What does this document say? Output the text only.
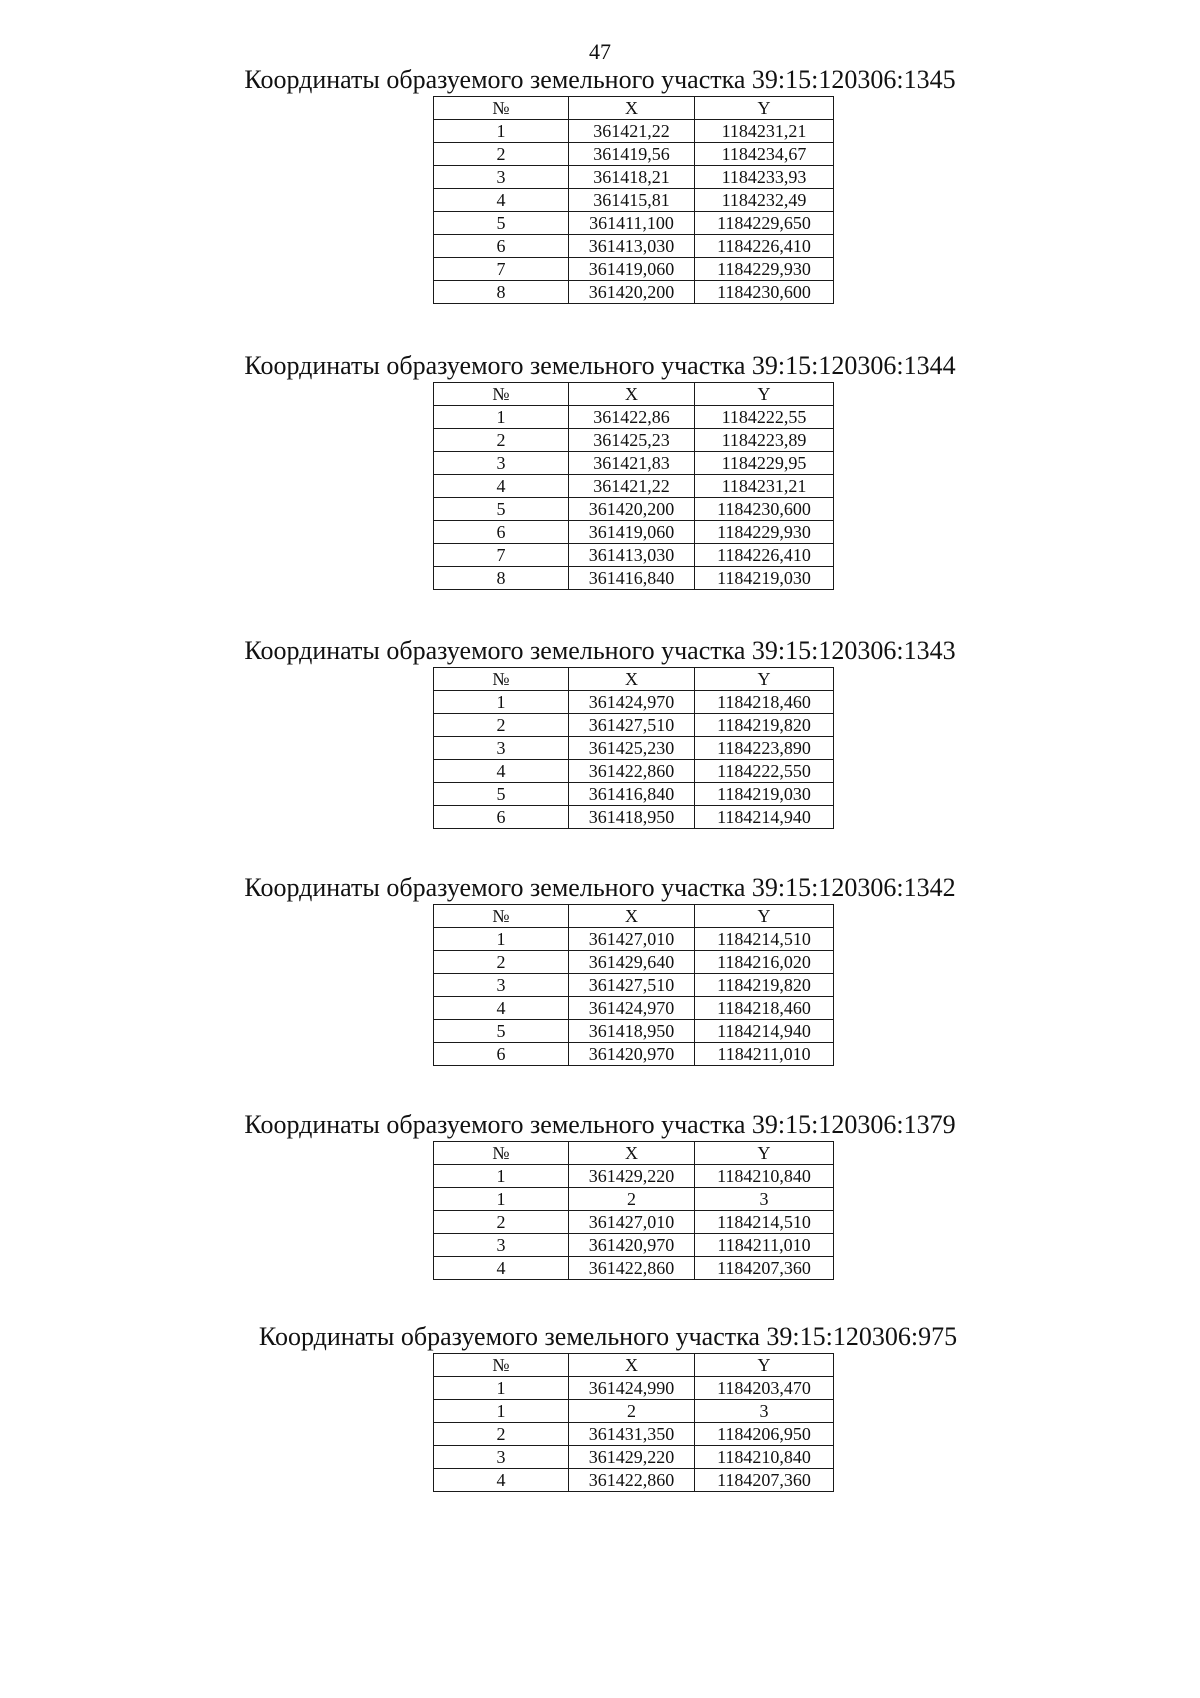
47
Координаты образуемого земельного участка 39:15:120306:1345
№	X	Y
1	361421,22	1184231,21
2	361419,56	1184234,67
3	361418,21	1184233,93
4	361415,81	1184232,49
5	361411,100	1184229,650
6	361413,030	1184226,410
7	361419,060	1184229,930
8	361420,200	1184230,600
Координаты образуемого земельного участка 39:15:120306:1344
№	X	Y
1	361422,86	1184222,55
2	361425,23	1184223,89
3	361421,83	1184229,95
4	361421,22	1184231,21
5	361420,200	1184230,600
6	361419,060	1184229,930
7	361413,030	1184226,410
8	361416,840	1184219,030
Координаты образуемого земельного участка 39:15:120306:1343
№	X	Y
1	361424,970	1184218,460
2	361427,510	1184219,820
3	361425,230	1184223,890
4	361422,860	1184222,550
5	361416,840	1184219,030
6	361418,950	1184214,940
Координаты образуемого земельного участка 39:15:120306:1342
№	X	Y
1	361427,010	1184214,510
2	361429,640	1184216,020
3	361427,510	1184219,820
4	361424,970	1184218,460
5	361418,950	1184214,940
6	361420,970	1184211,010
Координаты образуемого земельного участка 39:15:120306:1379
№	X	Y
1	361429,220	1184210,840
1	2	3
2	361427,010	1184214,510
3	361420,970	1184211,010
4	361422,860	1184207,360
Координаты образуемого земельного участка 39:15:120306:975
№	X	Y
1	361424,990	1184203,470
1	2	3
2	361431,350	1184206,950
3	361429,220	1184210,840
4	361422,860	1184207,360
